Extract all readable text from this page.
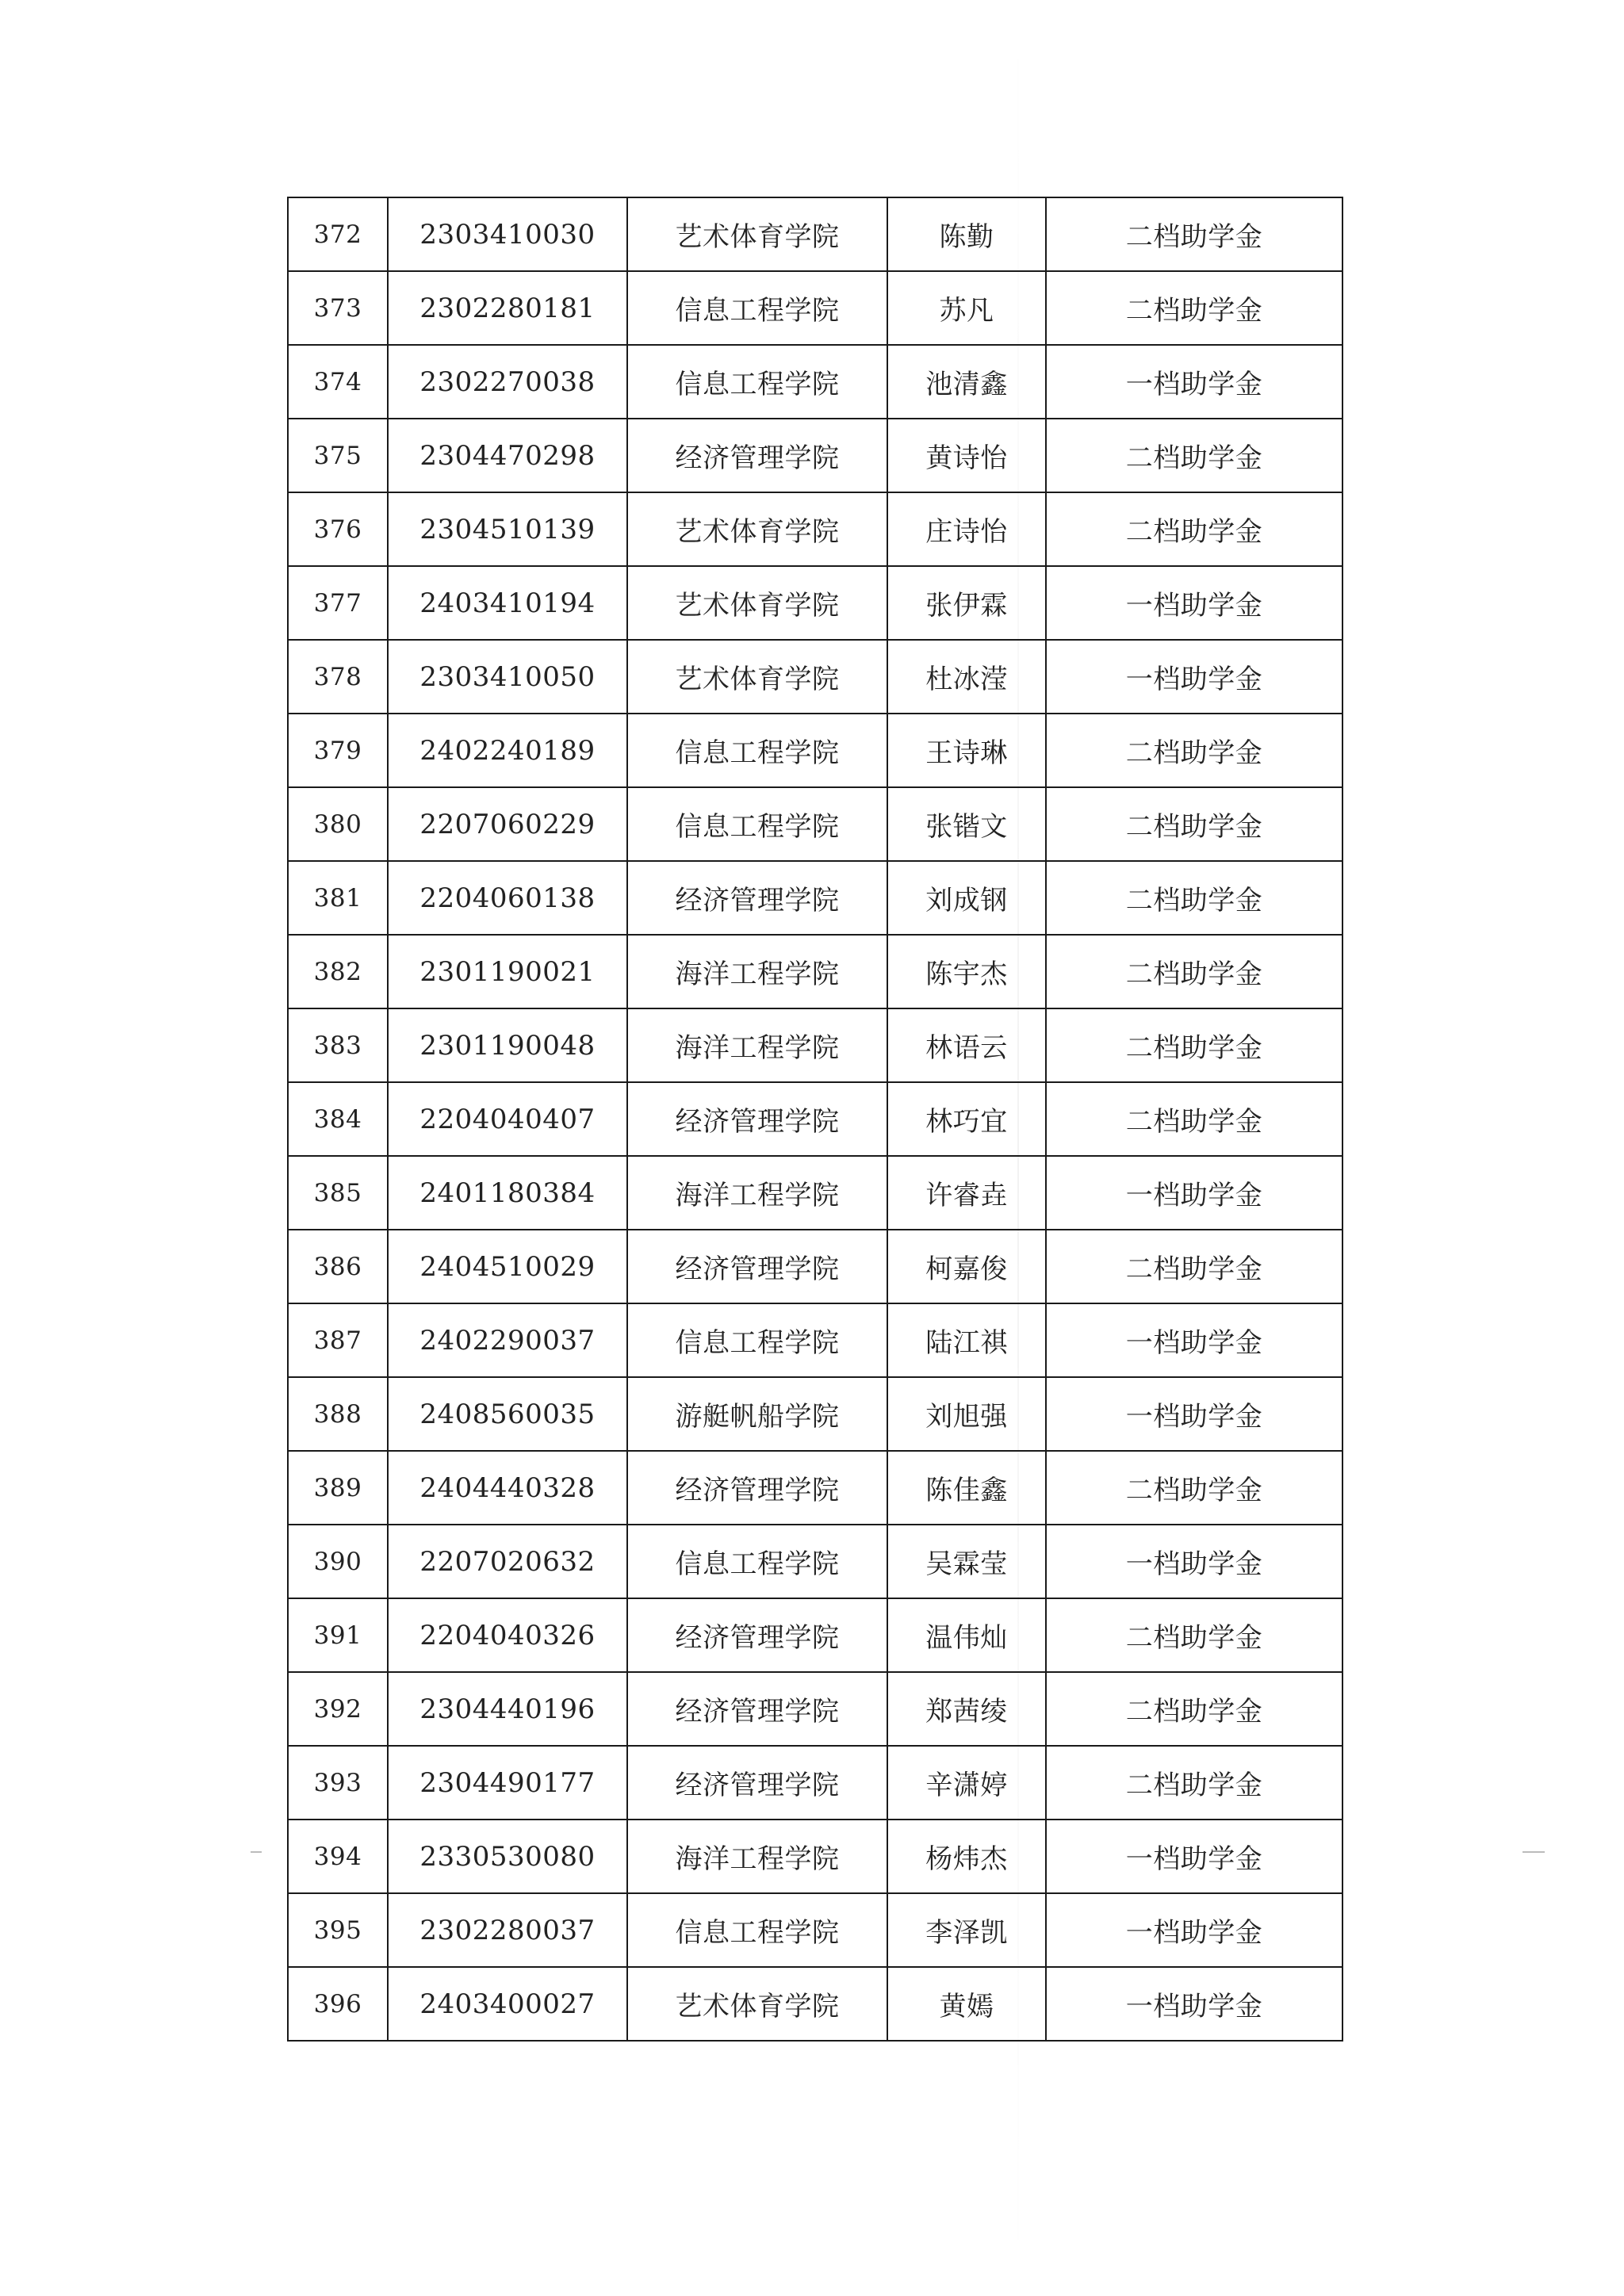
372	2303410030	艺术体育学院	陈勤	二档助学金
373	2302280181	信息工程学院	苏凡	二档助学金
374	2302270038	信息工程学院	池清鑫	一档助学金
375	2304470298	经济管理学院	黄诗怡	二档助学金
376	2304510139	艺术体育学院	庄诗怡	二档助学金
377	2403410194	艺术体育学院	张伊霖	一档助学金
378	2303410050	艺术体育学院	杜冰滢	一档助学金
379	2402240189	信息工程学院	王诗琳	二档助学金
380	2207060229	信息工程学院	张锴文	二档助学金
381	2204060138	经济管理学院	刘成钢	二档助学金
382	2301190021	海洋工程学院	陈宇杰	二档助学金
383	2301190048	海洋工程学院	林语云	二档助学金
384	2204040407	经济管理学院	林巧宜	二档助学金
385	2401180384	海洋工程学院	许睿垚	一档助学金
386	2404510029	经济管理学院	柯嘉俊	二档助学金
387	2402290037	信息工程学院	陆江祺	一档助学金
388	2408560035	游艇帆船学院	刘旭强	一档助学金
389	2404440328	经济管理学院	陈佳鑫	二档助学金
390	2207020632	信息工程学院	吴霖莹	一档助学金
391	2204040326	经济管理学院	温伟灿	二档助学金
392	2304440196	经济管理学院	郑茜绫	二档助学金
393	2304490177	经济管理学院	辛潇婷	二档助学金
394	2330530080	海洋工程学院	杨炜杰	一档助学金
395	2302280037	信息工程学院	李泽凯	一档助学金
396	2403400027	艺术体育学院	黄嫣	一档助学金
